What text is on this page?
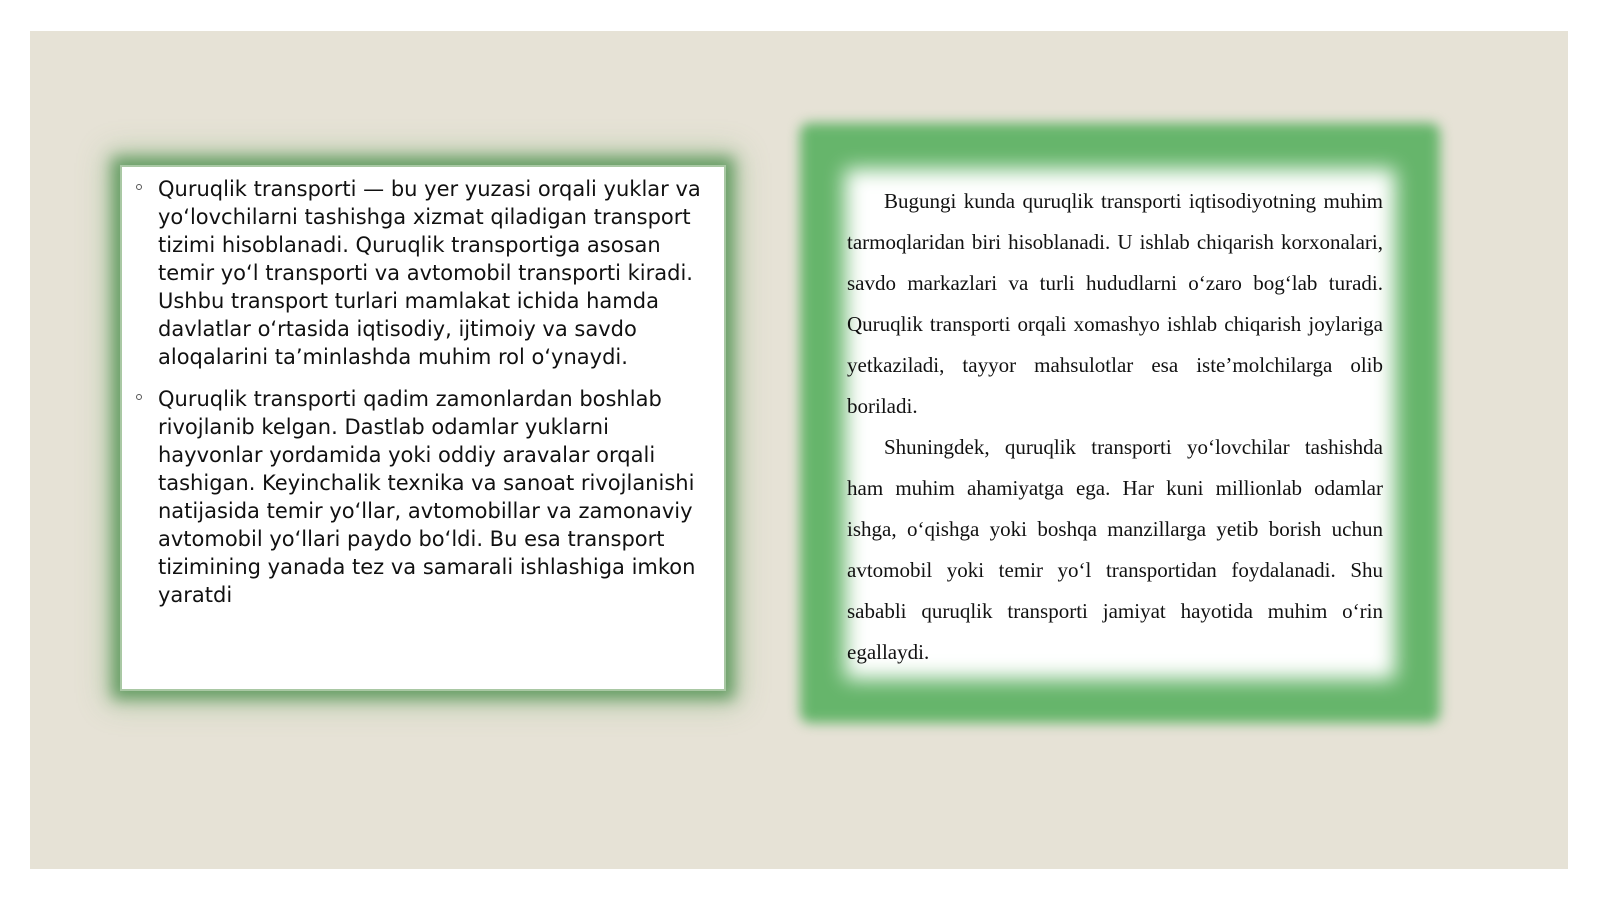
Quruqlik transporti — bu yer yuzasi orqali yuklar va yo‘lovchilarni tashishga xizmat qiladigan transport tizimi hisoblanadi. Quruqlik transportiga asosan temir yo‘l transporti va avtomobil transporti kiradi. Ushbu transport turlari mamlakat ichida hamda davlatlar o‘rtasida iqtisodiy, ijtimoiy va savdo aloqalarini ta’minlashda muhim rol o‘ynaydi.
Quruqlik transporti qadim zamonlardan boshlab rivojlanib kelgan. Dastlab odamlar yuklarni hayvonlar yordamida yoki oddiy aravalar orqali tashigan. Keyinchalik texnika va sanoat rivojlanishi natijasida temir yo‘llar, avtomobillar va zamonaviy avtomobil yo‘llari paydo bo‘ldi. Bu esa transport tizimining yanada tez va samarali ishlashiga imkon yaratdi

Bugungi kunda quruqlik transporti iqtisodiyotning muhim tarmoqlaridan biri hisoblanadi. U ishlab chiqarish korxonalari, savdo markazlari va turli hududlarni o‘zaro bog‘lab turadi. Quruqlik transporti orqali xomashyo ishlab chiqarish joylariga yetkaziladi, tayyor mahsulotlar esa iste’molchilarga olib boriladi.

Shuningdek, quruqlik transporti yo‘lovchilar tashishda ham muhim ahamiyatga ega. Har kuni millionlab odamlar ishga, o‘qishga yoki boshqa manzillarga yetib borish uchun avtomobil yoki temir yo‘l transportidan foydalanadi. Shu sababli quruqlik transporti jamiyat hayotida muhim o‘rin egallaydi.
